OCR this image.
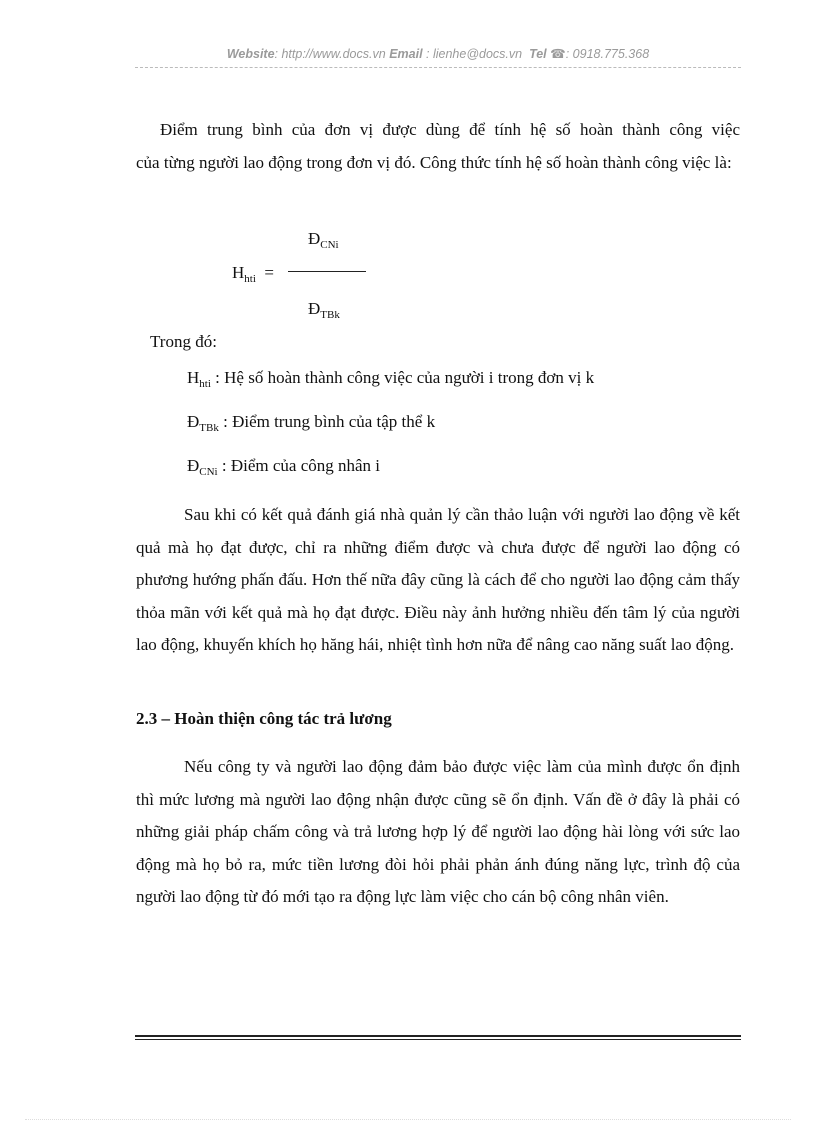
Website: http://www.docs.vn Email : lienhe@docs.vn Tel ☎: 0918.775.368
Điểm trung bình của đơn vị được dùng để tính hệ số hoàn thành công việc
của từng người lao động trong đơn vị đó. Công thức tính hệ số hoàn thành công việc là:
$Đ_{CNi}$
$H_{hti}$ =
$Đ_{TBk}$
Trong đó:
$H_{hti}$ : Hệ số hoàn thành công việc của người i trong đơn vị k
$Đ_{TBk}$ : Điểm trung bình của tập thể k
$Đ_{CNi}$ : Điểm của công nhân i
Sau khi có kết quả đánh giá nhà quản lý cần thảo luận với người lao động về kết quả mà họ đạt được, chỉ ra những điểm được và chưa được để người lao động có phương hướng phấn đấu. Hơn thế nữa đây cũng là cách để cho người lao động cảm thấy thỏa mãn với kết quả mà họ đạt được. Điều này ảnh hưởng nhiều đến tâm lý của người lao động, khuyến khích họ hăng hái, nhiệt tình hơn nữa để nâng cao năng suất lao động.
2.3 – Hoàn thiện công tác trả lương
Nếu công ty và người lao động đảm bảo được việc làm của mình được ổn định thì mức lương mà người lao động nhận được cũng sẽ ổn định. Vấn đề ở đây là phải có những giải pháp chấm công và trả lương hợp lý để người lao động hài lòng với sức lao động mà họ bỏ ra, mức tiền lương đòi hỏi phải phản ánh đúng năng lực, trình độ của người lao động từ đó mới tạo ra động lực làm việc cho cán bộ công nhân viên.
